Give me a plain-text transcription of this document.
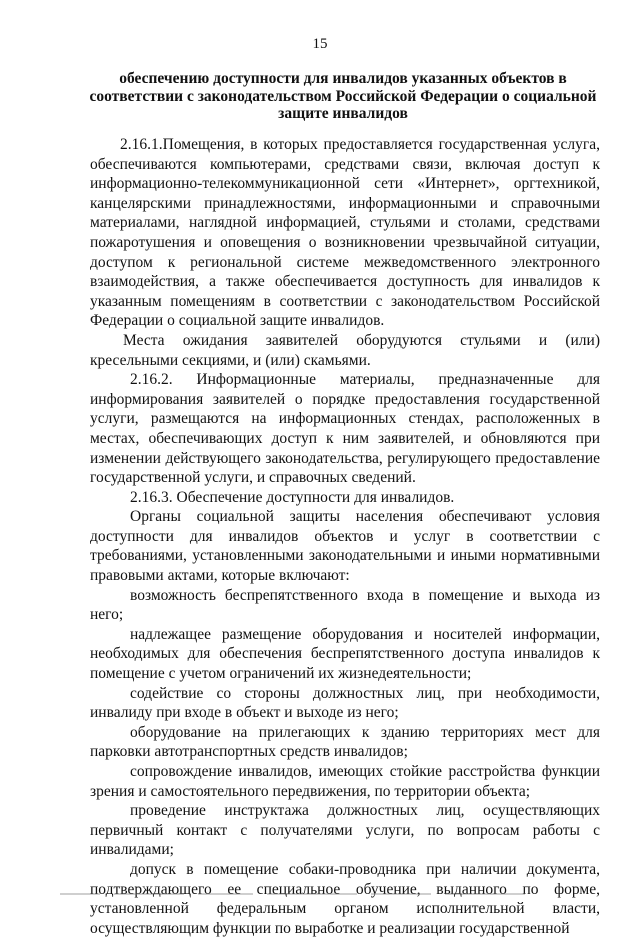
15
обеспечению доступности для инвалидов указанных объектов в
соответствии с законодательством Российской Федерации о социальной
защите инвалидов

2.16.1.Помещения, в которых предоставляется государственная услуга, обеспечиваются компьютерами, средствами связи, включая доступ к информационно-телекоммуникационной сети «Интернет», оргтехникой, канцелярскими принадлежностями, информационными и справочными материалами, наглядной информацией, стульями и столами, средствами пожаротушения и оповещения о возникновении чрезвычайной ситуации, доступом к региональной системе межведомственного электронного взаимодействия, а также обеспечивается доступность для инвалидов к указанным помещениям в соответствии с законодательством Российской Федерации о социальной защите инвалидов.

Места ожидания заявителей оборудуются стульями и (или) кресельными секциями, и (или) скамьями.

2.16.2. Информационные материалы, предназначенные для информирования заявителей о порядке предоставления государственной услуги, размещаются на информационных стендах, расположенных в местах, обеспечивающих доступ к ним заявителей, и обновляются при изменении действующего законодательства, регулирующего предоставление государственной услуги, и справочных сведений.

2.16.3. Обеспечение доступности для инвалидов.

Органы социальной защиты населения обеспечивают условия доступности для инвалидов объектов и услуг в соответствии с требованиями, установленными законодательными и иными нормативными правовыми актами, которые включают:

возможность беспрепятственного входа в помещение и выхода из него;

надлежащее размещение оборудования и носителей информации, необходимых для обеспечения беспрепятственного доступа инвалидов к помещение с учетом ограничений их жизнедеятельности;

содействие со стороны должностных лиц, при необходимости, инвалиду при входе в объект и выходе из него;

оборудование на прилегающих к зданию территориях мест для парковки автотранспортных средств инвалидов;

сопровождение инвалидов, имеющих стойкие расстройства функции зрения и самостоятельного передвижения, по территории объекта;

проведение инструктажа должностных лиц, осуществляющих первичный контакт с получателями услуги, по вопросам работы с инвалидами;

допуск в помещение собаки-проводника при наличии документа, подтверждающего ее специальное обучение, выданного по форме, установленной федеральным органом исполнительной власти, осуществляющим функции по выработке и реализации государственной
